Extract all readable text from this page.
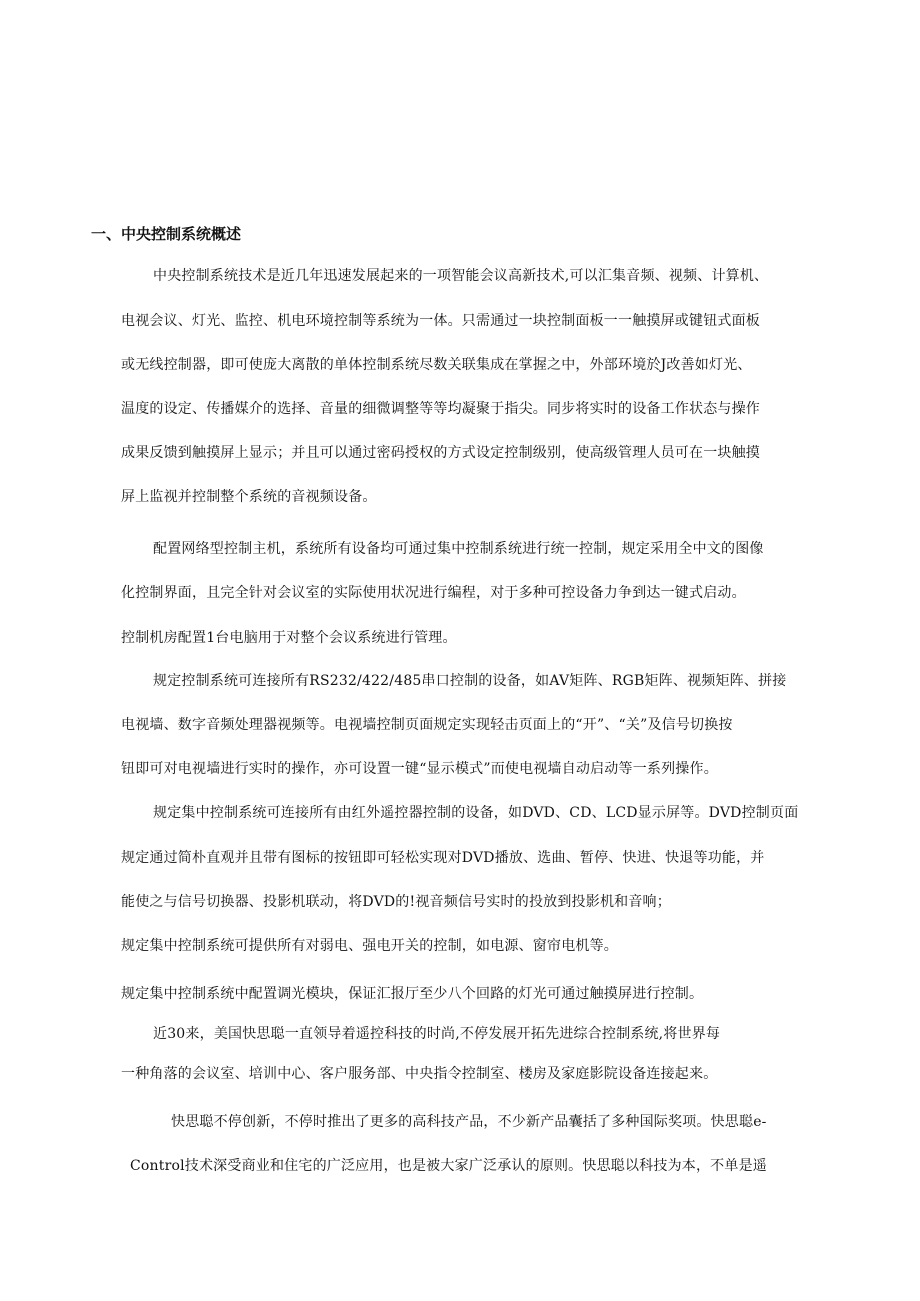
一、中央控制系统概述
中央控制系统技术是近几年迅速发展起来的一项智能会议高新技术,可以汇集音频、视频、计算机、
电视会议、灯光、监控、机电环境控制等系统为一体。只需通过一块控制面板一一触摸屏或键钮式面板
或无线控制器，即可使庞大离散的单体控制系统尽数关联集成在掌握之中，外部环境於J改善如灯光、
温度的设定、传播媒介的选择、音量的细微调整等等均凝聚于指尖。同步将实时的设备工作状态与操作
成果反馈到触摸屏上显示；并且可以通过密码授权的方式设定控制级别，使高级管理人员可在一块触摸
屏上监视并控制整个系统的音视频设备。
配置网络型控制主机，系统所有设备均可通过集中控制系统进行统一控制，规定采用全中文的图像
化控制界面，且完全针对会议室的实际使用状况进行编程，对于多种可控设备力争到达一键式启动。
控制机房配置1台电脑用于对整个会议系统进行管理。
规定控制系统可连接所有RS232/422/485串口控制的设备，如AV矩阵、RGB矩阵、视频矩阵、拼接
电视墙、数字音频处理器视频等。电视墙控制页面规定实现轻击页面上的“开”、“关”及信号切换按
钮即可对电视墙进行实时的操作，亦可设置一键“显示模式”而使电视墙自动启动等一系列操作。
规定集中控制系统可连接所有由红外遥控器控制的设备，如DVD、CD、LCD显示屏等。DVD控制页面
规定通过简朴直观并且带有图标的按钮即可轻松实现对DVD播放、选曲、暂停、快进、快退等功能，并
能使之与信号切换器、投影机联动，将DVD的!视音频信号实时的投放到投影机和音响；
规定集中控制系统可提供所有对弱电、强电开关的控制，如电源、窗帘电机等。
规定集中控制系统中配置调光模块，保证汇报厅至少八个回路的灯光可通过触摸屏进行控制。
近30来，美国快思聪一直领导着遥控科技的时尚,不停发展开拓先进综合控制系统,将世界每
一种角落的会议室、培训中心、客户服务部、中央指令控制室、楼房及家庭影院设备连接起来。
快思聪不停创新，不停时推出了更多的高科技产品，不少新产品囊括了多种国际奖项。快思聪e-
Control技术深受商业和住宅的广泛应用，也是被大家广泛承认的原则。快思聪以科技为本，不单是遥
